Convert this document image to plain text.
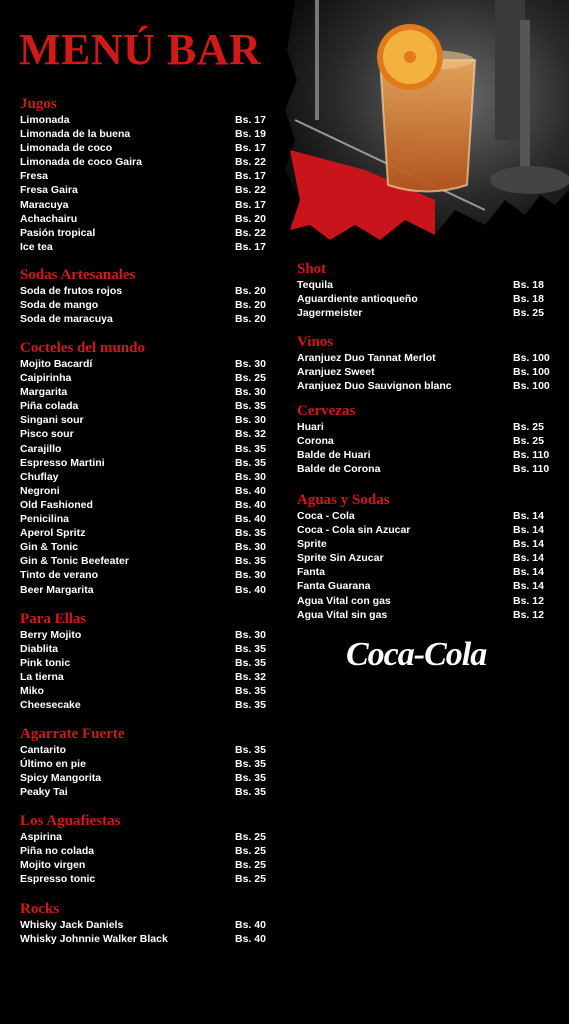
MENÚ BAR
Jugos
Limonada	Bs. 17
Limonada de la buena	Bs. 19
Limonada de coco	Bs. 17
Limonada de coco Gaira	Bs. 22
Fresa	Bs. 17
Fresa Gaira	Bs. 22
Maracuya	Bs. 17
Achachairu	Bs. 20
Pasión tropical	Bs. 22
Ice tea	Bs. 17
Sodas Artesanales
Soda de frutos rojos	Bs. 20
Soda de mango	Bs. 20
Soda de maracuya	Bs. 20
Cocteles del mundo
Mojito Bacardí	Bs. 30
Caipirinha	Bs. 25
Margarita	Bs. 30
Piña colada	Bs. 35
Singani sour	Bs. 30
Pisco sour	Bs. 32
Carajillo	Bs. 35
Espresso Martini	Bs. 35
Chuflay	Bs. 30
Negroni	Bs. 40
Old Fashioned	Bs. 40
Penicilina	Bs. 40
Aperol Spritz	Bs. 35
Gin & Tonic	Bs. 30
Gin & Tonic Beefeater	Bs. 35
Tinto de verano	Bs. 30
Beer Margarita	Bs. 40
Para Ellas
Berry Mojito	Bs. 30
Diablita	Bs. 35
Pink tonic	Bs. 35
La tierna	Bs. 32
Miko	Bs. 35
Cheesecake	Bs. 35
Agarrate Fuerte
Cantarito	Bs. 35
Último en pie	Bs. 35
Spicy Mangorita	Bs. 35
Peaky Tai	Bs. 35
Los Aguafiestas
Aspirina	Bs. 25
Piña no colada	Bs. 25
Mojito virgen	Bs. 25
Espresso tonic	Bs. 25
Rocks
Whisky Jack Daniels	Bs. 40
Whisky Johnnie Walker Black	Bs. 40
Shot
Tequila	Bs. 18
Aguardiente antioqueño	Bs. 18
Jagermeister	Bs. 25
Vinos
Aranjuez Duo Tannat Merlot	Bs. 100
Aranjuez Sweet	Bs. 100
Aranjuez Duo Sauvignon blanc	Bs. 100
Cervezas
Huari	Bs. 25
Corona	Bs. 25
Balde de Huari	Bs. 110
Balde de Corona	Bs. 110
Aguas y Sodas
Coca - Cola	Bs. 14
Coca - Cola sin Azucar	Bs. 14
Sprite	Bs. 14
Sprite Sin Azucar	Bs. 14
Fanta	Bs. 14
Fanta Guarana	Bs. 14
Agua Vital con gas	Bs. 12
Agua Vital sin gas	Bs. 12
Coca-Cola
